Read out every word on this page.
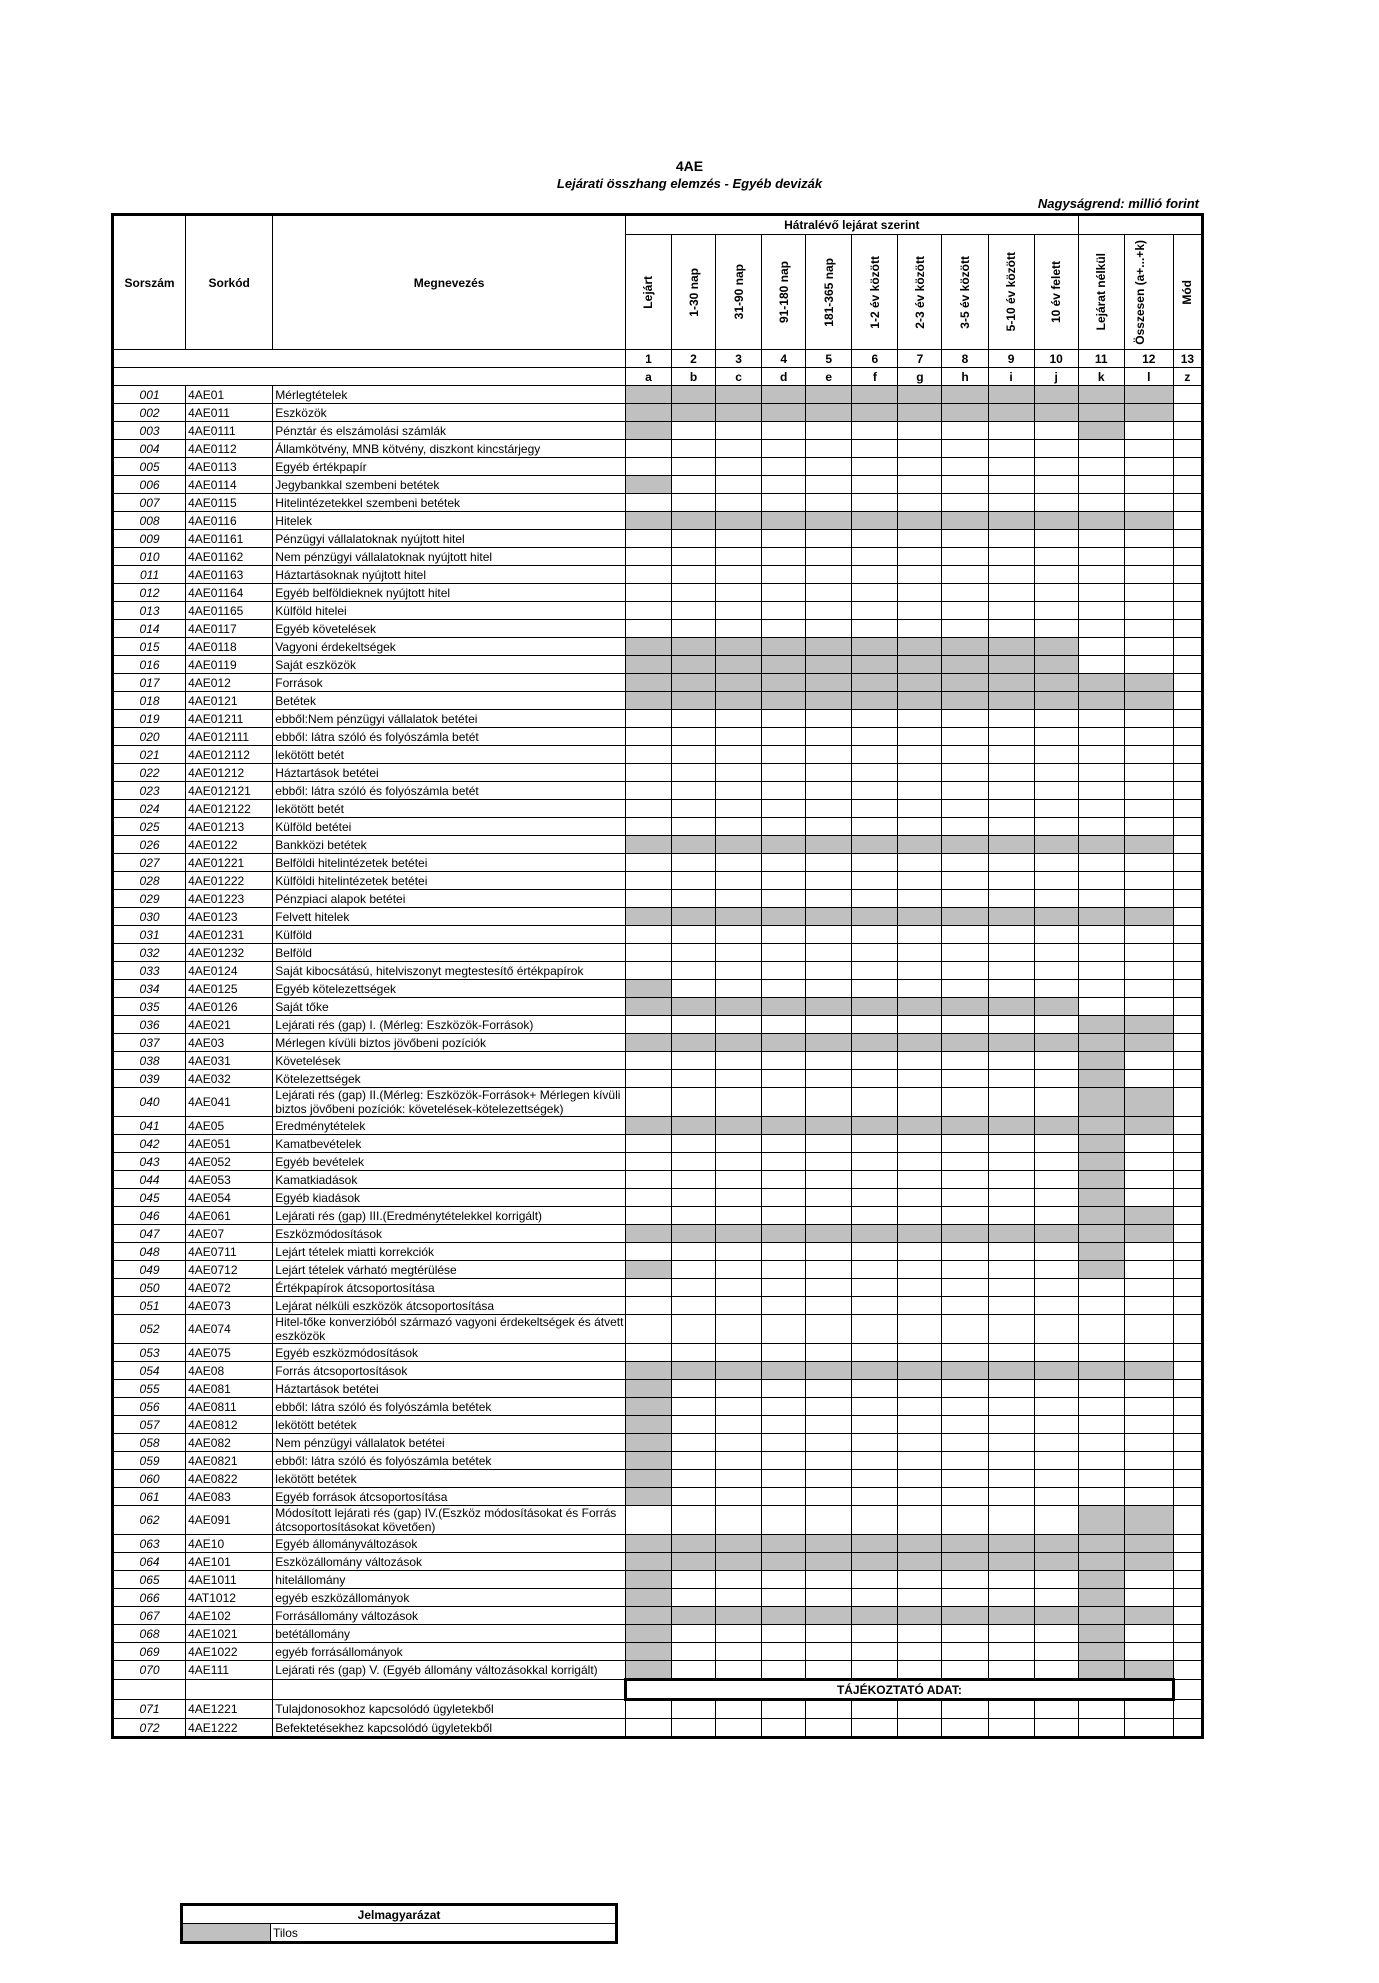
4AE
Lejárati összhang elemzés - Egyéb devizák
Nagyságrend: millió forint
Sorszám	Sorkód	Megnevezés	Hátralévő lejárat szerint												

			Lejárt	1-30 nap	31-90 nap	91-180 nap	181-365 nap	1-2 év között	2-3 év között	3-5 év között	5-10 év között	10 év felett	Lejárat nélkül	Összesen (a+...+k)	Mód

			1	2	3	4	5	6	7	8	9	10	11	12	13
			a	b	c	d	e	f	g	h	i	j	k	l	z
001	4AE01	Mérlegtételek													
002	4AE011	Eszközök													
003	4AE0111	Pénztár és elszámolási számlák													
004	4AE0112	Államkötvény, MNB kötvény, diszkont kincstárjegy													
005	4AE0113	Egyéb értékpapír													
006	4AE0114	Jegybankkal szembeni betétek													
007	4AE0115	Hitelintézetekkel szembeni betétek													
008	4AE0116	Hitelek													
009	4AE01161	Pénzügyi vállalatoknak nyújtott hitel													
010	4AE01162	Nem pénzügyi vállalatoknak nyújtott hitel													
011	4AE01163	Háztartásoknak nyújtott hitel													
012	4AE01164	Egyéb belföldieknek nyújtott hitel													
013	4AE01165	Külföld hitelei													
014	4AE0117	Egyéb követelések													
015	4AE0118	Vagyoni érdekeltségek													
016	4AE0119	Saját eszközök													
017	4AE012	Források													
018	4AE0121	Betétek													
019	4AE01211	ebből:Nem pénzügyi vállalatok betétei													
020	4AE012111	ebből: látra szóló és folyószámla betét													
021	4AE012112	lekötött betét													
022	4AE01212	Háztartások betétei													
023	4AE012121	ebből: látra szóló és folyószámla betét													
024	4AE012122	lekötött betét													
025	4AE01213	Külföld betétei													
026	4AE0122	Bankközi betétek													
027	4AE01221	Belföldi hitelintézetek betétei													
028	4AE01222	Külföldi hitelintézetek betétei													
029	4AE01223	Pénzpiaci alapok betétei													
030	4AE0123	Felvett hitelek													
031	4AE01231	Külföld													
032	4AE01232	Belföld													
033	4AE0124	Saját kibocsátású, hitelviszonyt megtestesítő értékpapírok													
034	4AE0125	Egyéb kötelezettségek													
035	4AE0126	Saját tőke													
036	4AE021	Lejárati rés (gap) I. (Mérleg: Eszközök-Források)													
037	4AE03	Mérlegen kívüli biztos jövőbeni pozíciók													
038	4AE031	Követelések													
039	4AE032	Kötelezettségek													
040	4AE041	Lejárati rés (gap) II.(Mérleg: Eszközök-Források+ Mérlegen kívüli biztos jövőbeni pozíciók: követelések-kötelezettségek)													
041	4AE05	Eredménytételek													
042	4AE051	Kamatbevételek													
043	4AE052	Egyéb bevételek													
044	4AE053	Kamatkiadások													
045	4AE054	Egyéb kiadások													
046	4AE061	Lejárati rés (gap) III.(Eredménytételekkel korrigált)													
047	4AE07	Eszközmódosítások													
048	4AE0711	Lejárt tételek miatti korrekciók													
049	4AE0712	Lejárt tételek várható megtérülése													
050	4AE072	Értékpapírok átcsoportosítása													
051	4AE073	Lejárat nélküli eszközök átcsoportosítása													
052	4AE074	Hitel-tőke konverzióból származó vagyoni érdekeltségek és átvett eszközök													
053	4AE075	Egyéb eszközmódosítások													
054	4AE08	Forrás átcsoportosítások													
055	4AE081	Háztartások betétei													
056	4AE0811	ebből: látra szóló és folyószámla betétek													
057	4AE0812	lekötött betétek													
058	4AE082	Nem pénzügyi vállalatok betétei													
059	4AE0821	ebből: látra szóló és folyószámla betétek													
060	4AE0822	lekötött betétek													
061	4AE083	Egyéb források átcsoportosítása													
062	4AE091	Módosított lejárati rés (gap) IV.(Eszköz módosításokat és Forrás átcsoportosításokat követően)													
063	4AE10	Egyéb állományváltozások													
064	4AE101	Eszközállomány változások													
065	4AE1011	hitelállomány													
066	4AT1012	egyéb eszközállományok													
067	4AE102	Forrásállomány változások													
068	4AE1021	betétállomány													
069	4AE1022	egyéb forrásállományok													
070	4AE111	Lejárati rés (gap) V. (Egyéb állomány változásokkal korrigált)													
			TÁJÉKOZTATÓ ADAT:												
071	4AE1221	Tulajdonosokhoz kapcsolódó ügyletekből													
072	4AE1222	Befektetésekhez kapcsolódó ügyletekből													
Jelmagyarázat
	Tilos
